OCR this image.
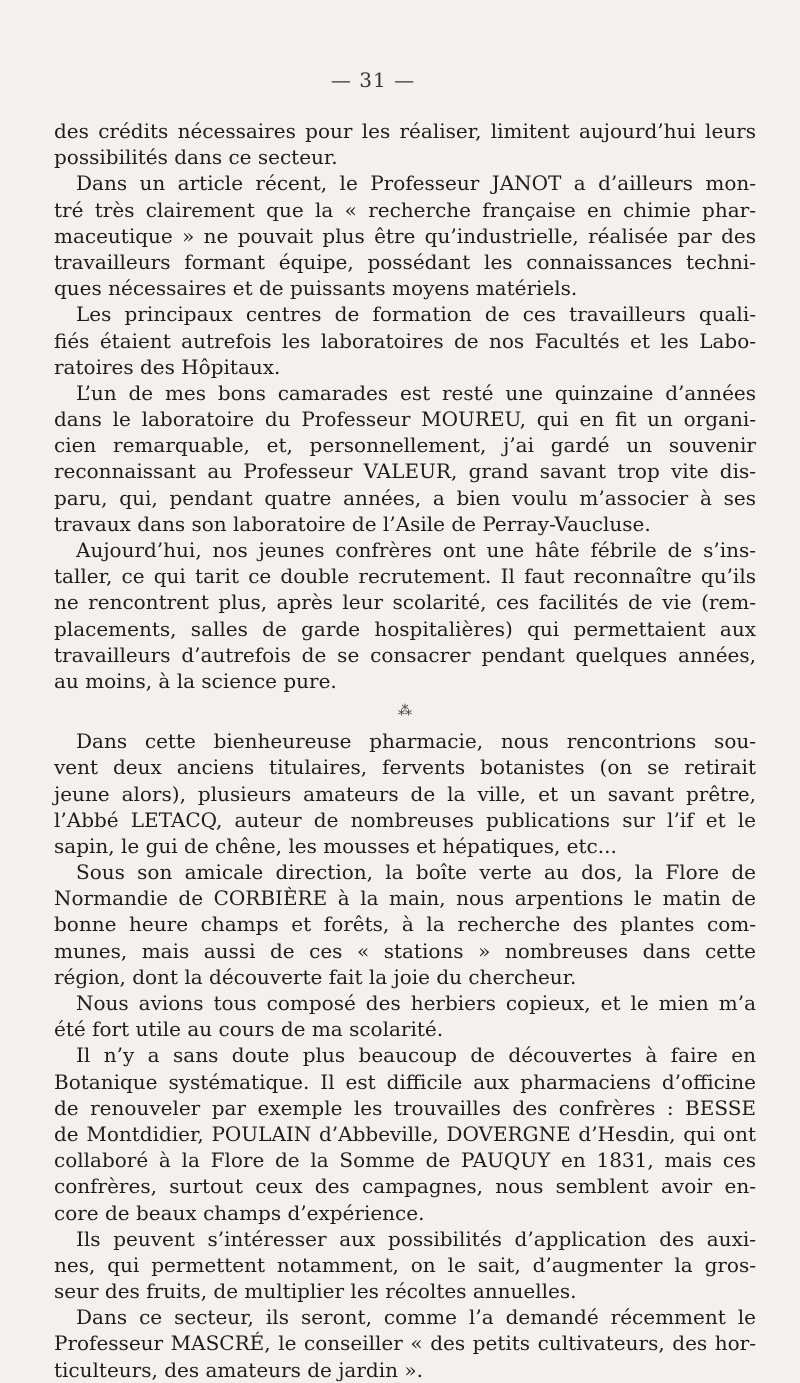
— 31 —
des crédits nécessaires pour les réaliser, limitent aujourd’hui leurs
possibilités dans ce secteur.
Dans un article récent, le Professeur JANOT a d’ailleurs mon-
tré très clairement que la « recherche française en chimie phar-
maceutique » ne pouvait plus être qu’industrielle, réalisée par des
travailleurs formant équipe, possédant les connaissances techni-
ques nécessaires et de puissants moyens matériels.
Les principaux centres de formation de ces travailleurs quali-
fiés étaient autrefois les laboratoires de nos Facultés et les Labo-
ratoires des Hôpitaux.
L’un de mes bons camarades est resté une quinzaine d’années
dans le laboratoire du Professeur MOUREU, qui en fit un organi-
cien remarquable, et, personnellement, j’ai gardé un souvenir
reconnaissant au Professeur VALEUR, grand savant trop vite dis-
paru, qui, pendant quatre années, a bien voulu m’associer à ses
travaux dans son laboratoire de l’Asile de Perray-Vaucluse.
Aujourd’hui, nos jeunes confrères ont une hâte fébrile de s’ins-
taller, ce qui tarit ce double recrutement. Il faut reconnaître qu’ils
ne rencontrent plus, après leur scolarité, ces facilités de vie (rem-
placements, salles de garde hospitalières) qui permettaient aux
travailleurs d’autrefois de se consacrer pendant quelques années,
au moins, à la science pure.
⁂
Dans cette bienheureuse pharmacie, nous rencontrions sou-
vent deux anciens titulaires, fervents botanistes (on se retirait
jeune alors), plusieurs amateurs de la ville, et un savant prêtre,
l’Abbé LETACQ, auteur de nombreuses publications sur l’if et le
sapin, le gui de chêne, les mousses et hépatiques, etc...
Sous son amicale direction, la boîte verte au dos, la Flore de
Normandie de CORBIÈRE à la main, nous arpentions le matin de
bonne heure champs et forêts, à la recherche des plantes com-
munes, mais aussi de ces « stations » nombreuses dans cette
région, dont la découverte fait la joie du chercheur.
Nous avions tous composé des herbiers copieux, et le mien m’a
été fort utile au cours de ma scolarité.
Il n’y a sans doute plus beaucoup de découvertes à faire en
Botanique systématique. Il est difficile aux pharmaciens d’officine
de renouveler par exemple les trouvailles des confrères : BESSE
de Montdidier, POULAIN d’Abbeville, DOVERGNE d’Hesdin, qui ont
collaboré à la Flore de la Somme de PAUQUY en 1831, mais ces
confrères, surtout ceux des campagnes, nous semblent avoir en-
core de beaux champs d’expérience.
Ils peuvent s’intéresser aux possibilités d’application des auxi-
nes, qui permettent notamment, on le sait, d’augmenter la gros-
seur des fruits, de multiplier les récoltes annuelles.
Dans ce secteur, ils seront, comme l’a demandé récemment le
Professeur MASCRÉ, le conseiller « des petits cultivateurs, des hor-
ticulteurs, des amateurs de jardin ».
